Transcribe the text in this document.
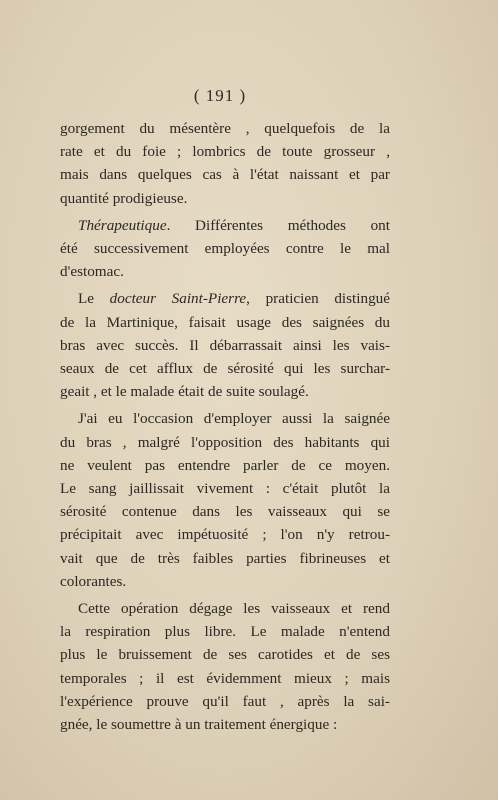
( 191 )
gorgement du mésentère , quelquefois de la
rate et du foie ; lombrics de toute grosseur ,
mais dans quelques cas à l'état naissant et par
quantité prodigieuse.
Thérapeutique. Différentes méthodes ont
été successivement employées contre le mal
d'estomac.
Le docteur Saint-Pierre, praticien distingué
de la Martinique, faisait usage des saignées du
bras avec succès. Il débarrassait ainsi les vais-
seaux de cet afflux de sérosité qui les surchar-
geait , et le malade était de suite soulagé.
J'ai eu l'occasion d'employer aussi la saignée
du bras , malgré l'opposition des habitants qui
ne veulent pas entendre parler de ce moyen.
Le sang jaillissait vivement : c'était plutôt la
sérosité contenue dans les vaisseaux qui se
précipitait avec impétuosité ; l'on n'y retrou-
vait que de très faibles parties fibrineuses et
colorantes.
Cette opération dégage les vaisseaux et rend
la respiration plus libre. Le malade n'entend
plus le bruissement de ses carotides et de ses
temporales ; il est évidemment mieux ; mais
l'expérience prouve qu'il faut , après la sai-
gnée, le soumettre à un traitement énergique :
